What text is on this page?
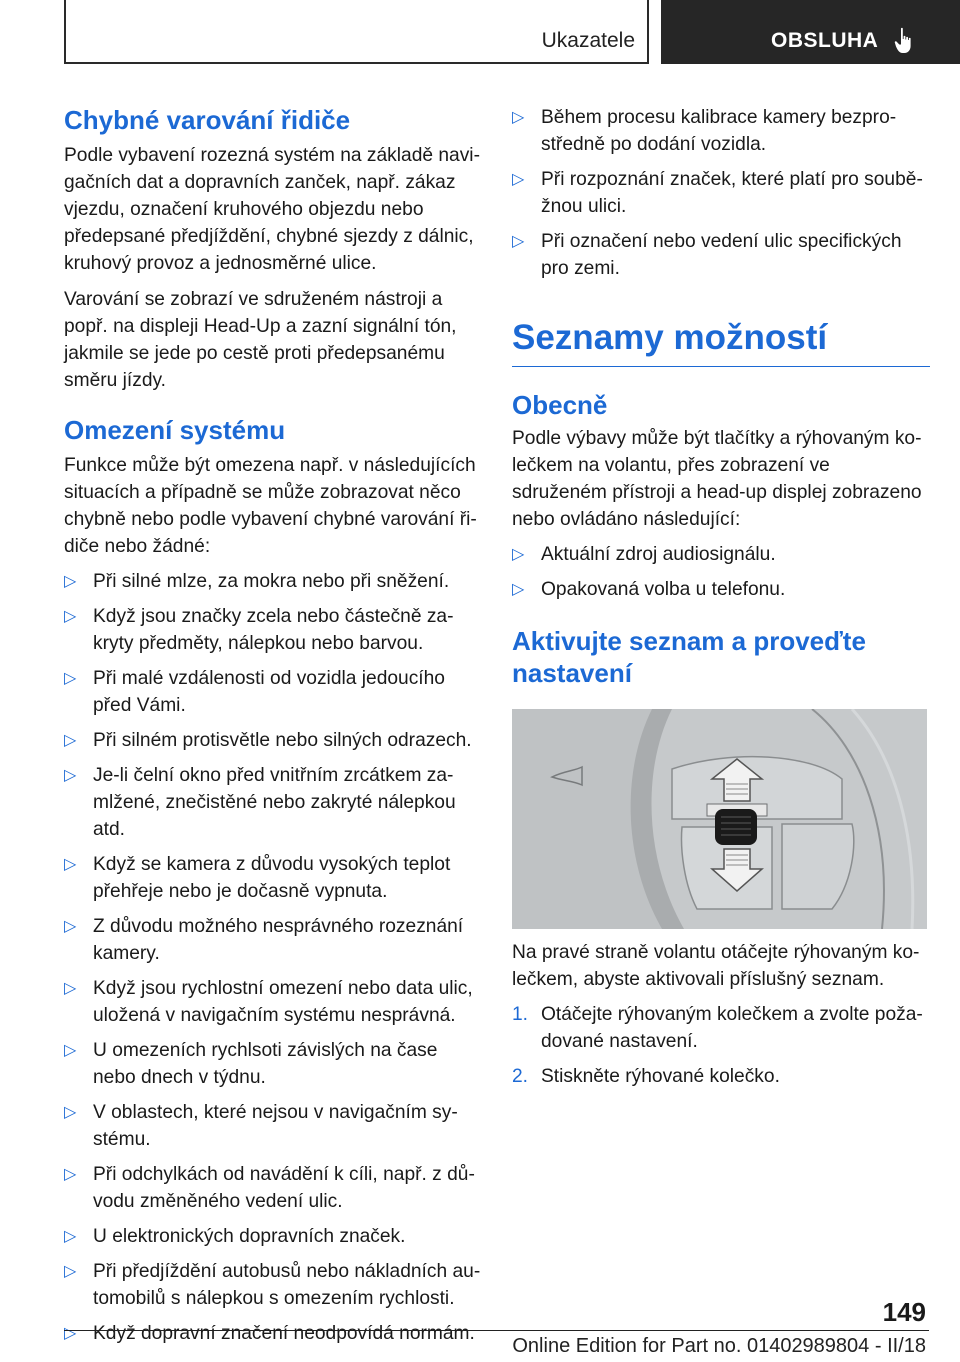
Ukazatele	OBSLUHA
Chybné varování řidiče

Podle vybavení rozezná systém na základě navigačních dat a dopravních zanček, např. zákaz vjezdu, označení kruhového objezdu nebo předepsané předjíždění, chybné sjezdy z dálnic, kruhový provoz a jednosměrné ulice.

Varování se zobrazí ve sdruženém nástroji a popř. na displeji Head-Up a zazní signální tón, jakmile se jede po cestě proti předepsanému směru jízdy.

Omezení systému

Funkce může být omezena např. v následujících situacích a případně se může zobrazovat něco chybně nebo podle vybavení chybné varování řidiče nebo žádné:

▷ Při silné mlze, za mokra nebo při sněžení.
▷ Když jsou značky zcela nebo částečně zakryty předměty, nálepkou nebo barvou.
▷ Při malé vzdálenosti od vozidla jedoucího před Vámi.
▷ Při silném protisvětle nebo silných odrazech.
▷ Je-li čelní okno před vnitřním zrcátkem zamlžené, znečistěné nebo zakryté nálepkou atd.
▷ Když se kamera z důvodu vysokých teplot přehřeje nebo je dočasně vypnuta.
▷ Z důvodu možného nesprávného rozeznání kamery.
▷ Když jsou rychlostní omezení nebo data ulic, uložená v navigačním systému nesprávná.
▷ U omezeních rychlsoti závislých na čase nebo dnech v týdnu.
▷ V oblastech, které nejsou v navigačním systému.
▷ Při odchylkách od navádění k cíli, např. z důvodu změněného vedení ulic.
▷ U elektronických dopravních značek.
▷ Při předjíždění autobusů nebo nákladních automobilů s nálepkou s omezením rychlosti.
▷ Když dopravní značení neodpovídá normám.
▷ Během procesu kalibrace kamery bezprostředně po dodání vozidla.
▷ Při rozpoznání značek, které platí pro souběžnou ulici.
▷ Při označení nebo vedení ulic specifických pro zemi.
Seznamy možností
Obecně

Podle výbavy může být tlačítky a rýhovaným kolečkem na volantu, přes zobrazení ve sdruženém přístroji a head-up displej zobrazeno nebo ovládáno následující:

▷ Aktuální zdroj audiosignálu.
▷ Opakovaná volba u telefonu.
Aktivujte seznam a proveďte nastavení

Na pravé straně volantu otáčejte rýhovaným kolečkem, abyste aktivovali příslušný seznam.

1. Otáčejte rýhovaným kolečkem a zvolte požadované nastavení.
2. Stiskněte rýhované kolečko.
149
Online Edition for Part no. 01402989804 - II/18
